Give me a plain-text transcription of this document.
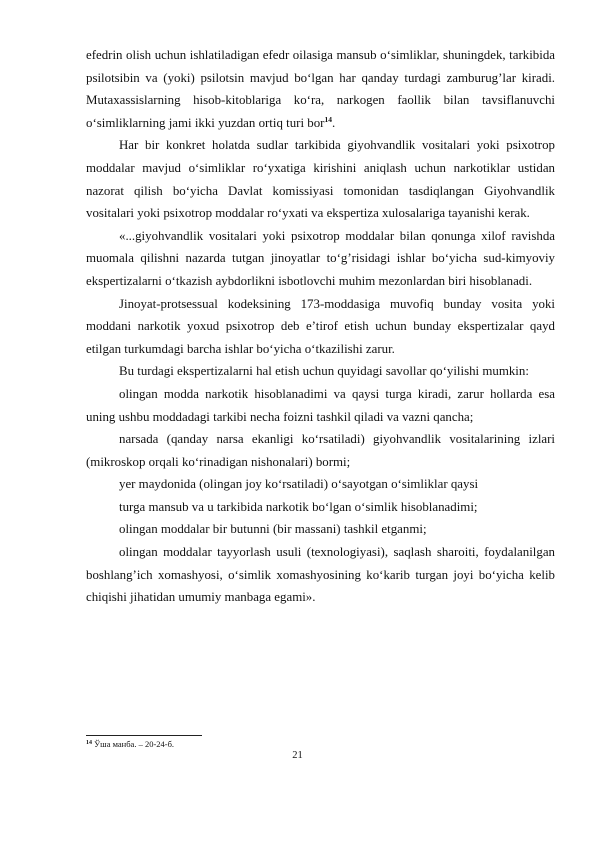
efedrin olish uchun ishlatiladigan efedr oilasiga mansub o‘simliklar, shuningdek, tarkibida psilotsibin va (yoki) psilotsin mavjud bo‘lgan har qanday turdagi zamburug’lar kiradi. Mutaxassislarning hisob-kitoblariga ko‘ra, narkogen faollik bilan tavsiflanuvchi o‘simliklarning jami ikki yuzdan ortiq turi bor$^{14}$.

Har bir konkret holatda sudlar tarkibida giyohvandlik vositalari yoki psixotrop moddalar mavjud o‘simliklar ro‘yxatiga kirishini aniqlash uchun narkotiklar ustidan nazorat qilish bo‘yicha Davlat komissiyasi tomonidan tasdiqlangan Giyohvandlik vositalari yoki psixotrop moddalar ro‘yxati va ekspertiza xulosalariga tayanishi kerak.

«...giyohvandlik vositalari yoki psixotrop moddalar bilan qonunga xilof ravishda muomala qilishni nazarda tutgan jinoyatlar to‘g’risidagi ishlar bo‘yicha sud-kimyoviy ekspertizalarni o‘tkazish aybdorlikni isbotlovchi muhim mezonlardan biri hisoblanadi.

Jinoyat-protsessual kodeksining 173-moddasiga muvofiq bunday vosita yoki moddani narkotik yoxud psixotrop deb e’tirof etish uchun bunday ekspertizalar qayd etilgan turkumdagi barcha ishlar bo‘yicha o‘tkazilishi zarur.

Bu turdagi ekspertizalarni hal etish uchun quyidagi savollar qo‘yilishi mumkin:

olingan modda narkotik hisoblanadimi va qaysi turga kiradi, zarur hollarda esa uning ushbu moddadagi tarkibi necha foizni tashkil qiladi va vazni qancha;

narsada (qanday narsa ekanligi ko‘rsatiladi) giyohvandlik vositalarining izlari (mikroskop orqali ko‘rinadigan nishonalari) bormi;

yer maydonida (olingan joy ko‘rsatiladi) o‘sayotgan o‘simliklar qaysi

turga mansub va u tarkibida narkotik bo‘lgan o‘simlik hisoblanadimi;

olingan moddalar bir butunni (bir massani) tashkil etganmi;

olingan moddalar tayyorlash usuli (texnologiyasi), saqlash sharoiti, foydalanilgan boshlang’ich xomashyosi, o‘simlik xomashyosining ko‘karib turgan joyi bo‘yicha kelib chiqishi jihatidan umumiy manbaga egami».

$^{14}$ Ўша манба. – 20-24-б.
21
